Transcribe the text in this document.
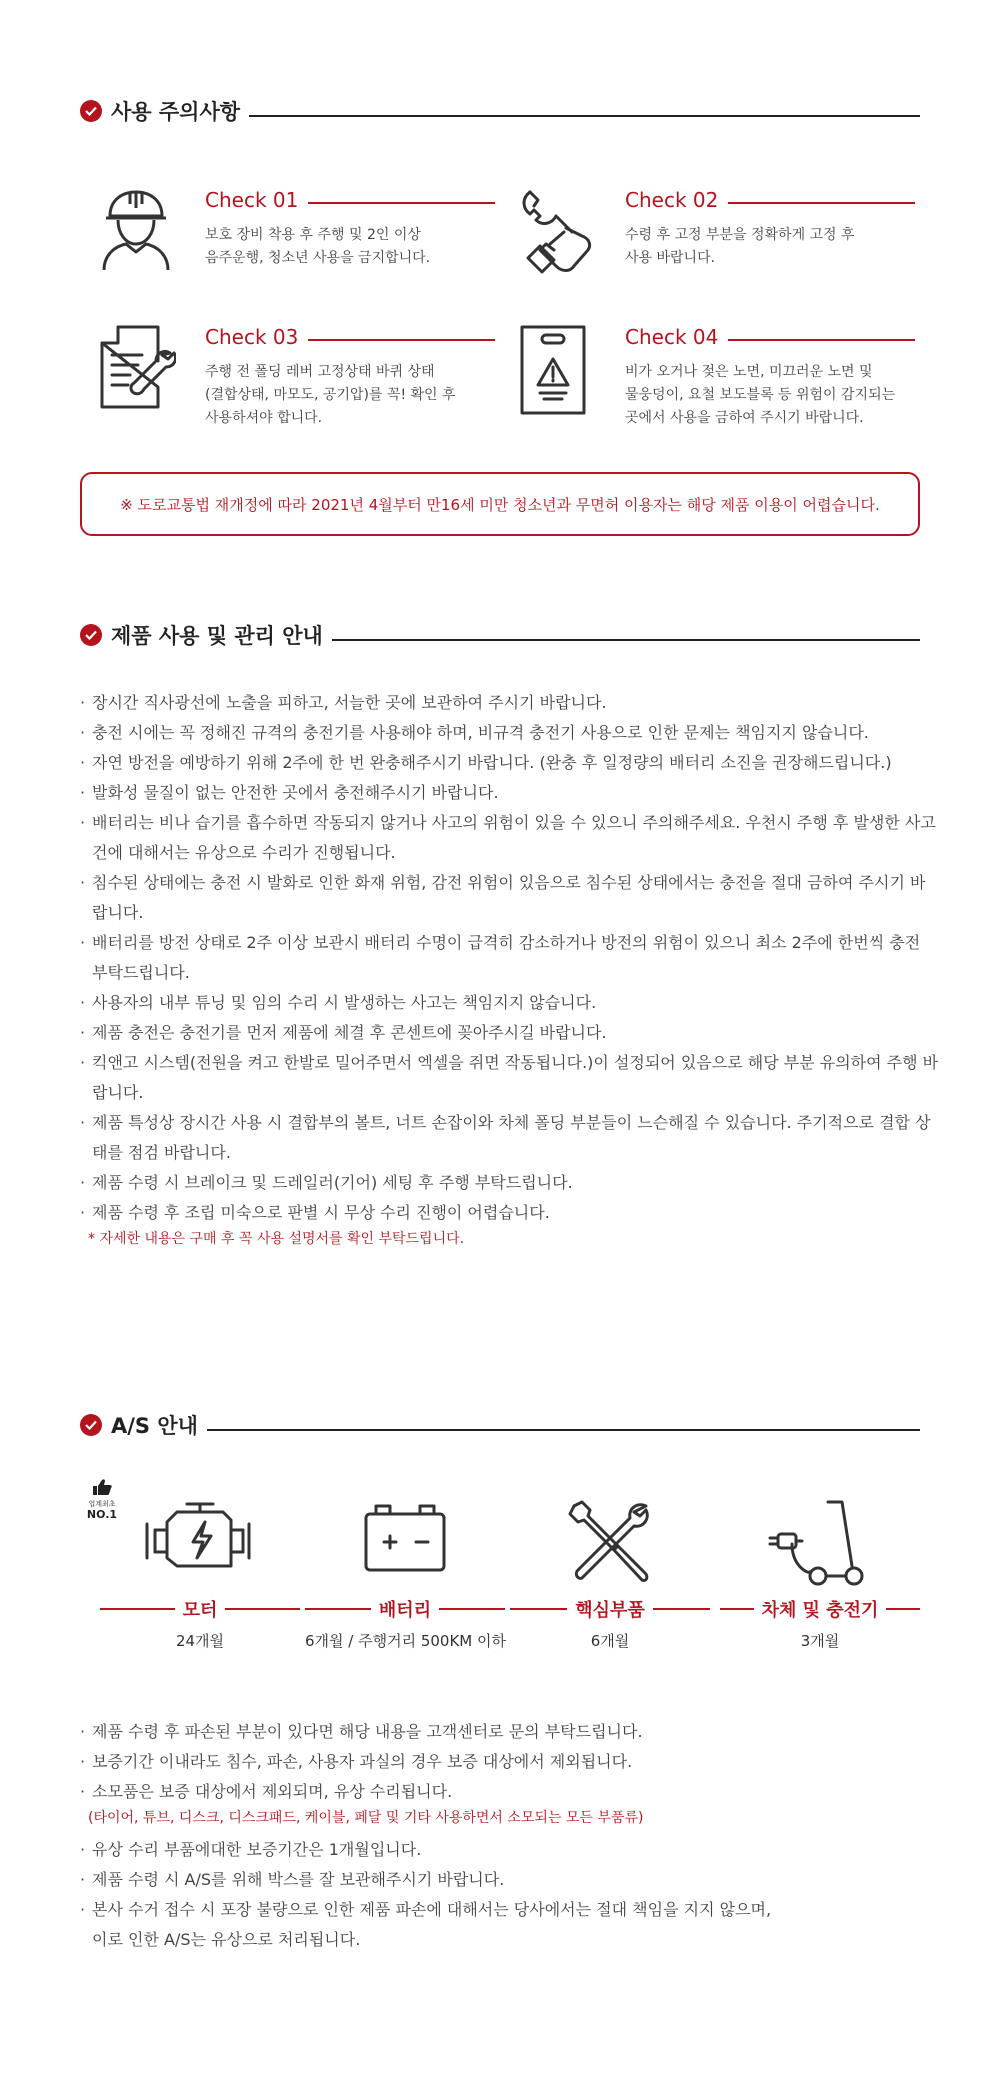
사용 주의사항
Check 01
보호 장비 착용 후 주행 및 2인 이상
음주운행, 청소년 사용을 금지합니다.
Check 02
수령 후 고정 부분을 정확하게 고정 후
사용 바랍니다.
Check 03
주행 전 폴딩 레버 고정상태 바퀴 상태
(결합상태, 마모도, 공기압)를 꼭! 확인 후
사용하셔야 합니다.
Check 04
비가 오거나 젖은 노면, 미끄러운 노면 및
물웅덩이, 요철 보도블록 등 위험이 감지되는
곳에서 사용을 금하여 주시기 바랍니다.
※ 도로교통법 재개정에 따라 2021년 4월부터 만16세 미만 청소년과 무면허 이용자는 해당 제품 이용이 어렵습니다.
제품 사용 및 관리 안내
· 장시간 직사광선에 노출을 피하고, 서늘한 곳에 보관하여 주시기 바랍니다.
· 충전 시에는 꼭 정해진 규격의 충전기를 사용해야 하며, 비규격 충전기 사용으로 인한 문제는 책임지지 않습니다.
· 자연 방전을 예방하기 위해 2주에 한 번 완충해주시기 바랍니다. (완충 후 일정량의 배터리 소진을 권장해드립니다.)
· 발화성 물질이 없는 안전한 곳에서 충전해주시기 바랍니다.
· 배터리는 비나 습기를 흡수하면 작동되지 않거나 사고의 위험이 있을 수 있으니 주의해주세요. 우천시 주행 후 발생한 사고건에 대해서는 유상으로 수리가 진행됩니다.
· 침수된 상태에는 충전 시 발화로 인한 화재 위험, 감전 위험이 있음으로 침수된 상태에서는 충전을 절대 금하여 주시기 바랍니다.
· 배터리를 방전 상태로 2주 이상 보관시 배터리 수명이 급격히 감소하거나 방전의 위험이 있으니 최소 2주에 한번씩 충전 부탁드립니다.
· 사용자의 내부 튜닝 및 임의 수리 시 발생하는 사고는 책임지지 않습니다.
· 제품 충전은 충전기를 먼저 제품에 체결 후 콘센트에 꽂아주시길 바랍니다.
· 킥앤고 시스템(전원을 켜고 한발로 밀어주면서 엑셀을 쥐면 작동됩니다.)이 설정되어 있음으로 해당 부분 유의하여 주행 바랍니다.
· 제품 특성상 장시간 사용 시 결합부의 볼트, 너트 손잡이와 차체 폴딩 부분들이 느슨해질 수 있습니다. 주기적으로 결합 상태를 점검 바랍니다.
· 제품 수령 시 브레이크 및 드레일러(기어) 세팅 후 주행 부탁드립니다.
· 제품 수령 후 조립 미숙으로 판별 시 무상 수리 진행이 어렵습니다.
* 자세한 내용은 구매 후 꼭 사용 설명서를 확인 부탁드립니다.
A/S 안내
업계최초
NO.1
모터
24개월
배터리
6개월 / 주행거리 500KM 이하
핵심부품
6개월
차체 및 충전기
3개월
· 제품 수령 후 파손된 부분이 있다면 해당 내용을 고객센터로 문의 부탁드립니다.
· 보증기간 이내라도 침수, 파손, 사용자 과실의 경우 보증 대상에서 제외됩니다.
· 소모품은 보증 대상에서 제외되며, 유상 수리됩니다.
(타이어, 튜브, 디스크, 디스크패드, 케이블, 페달 및 기타 사용하면서 소모되는 모든 부품류)
· 유상 수리 부품에대한 보증기간은 1개월입니다.
· 제품 수령 시 A/S를 위해 박스를 잘 보관해주시기 바랍니다.
· 본사 수거 접수 시 포장 불량으로 인한 제품 파손에 대해서는 당사에서는 절대 책임을 지지 않으며,
이로 인한 A/S는 유상으로 처리됩니다.
